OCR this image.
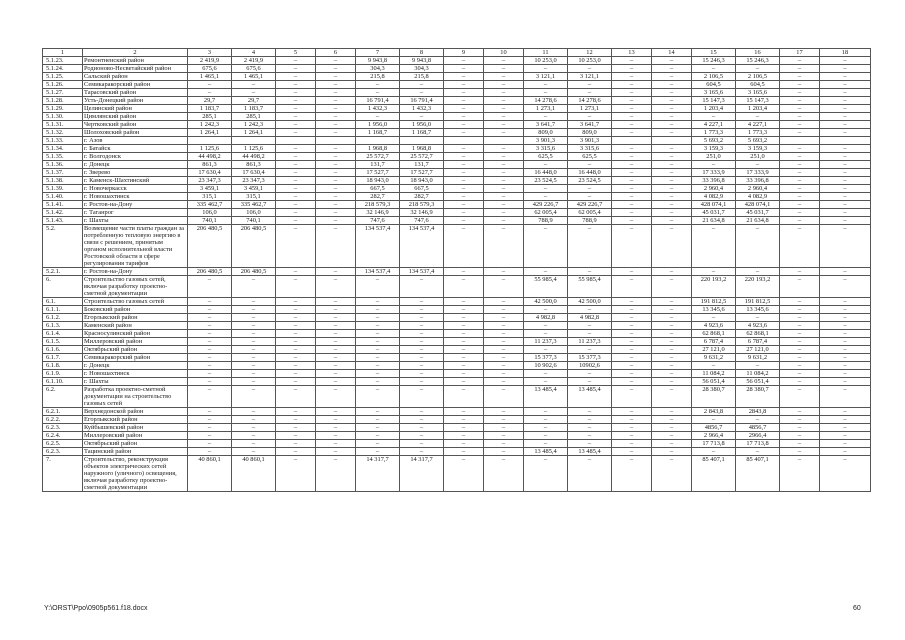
1	2	3	4	5	6	7	8	9	10	11	12	13	14	15	16	17	18
5.1.23.	Ремонтненский район	2 419,9	2 419,9	–	–	9 943,8	9 943,8	–	–	10 253,0	10 253,0	–	–	15 246,3	15 246,3	–	–
5.1.24.	Родионово-Несветайский район	675,6	675,6	–	–	304,3	304,3	–	–	–	–	–	–	–	–	–	–
5.1.25.	Сальский район	1 465,1	1 465,1	–	–	215,8	215,8	–	–	3 121,1	3 121,1	–	–	2 106,5	2 106,5	–	–
5.1.26.	Семикаракорский район	–	–	–	–	–	–	–	–	–	–	–	–	604,5	604,5	–	–
5.1.27.	Тарасовский район	–	–	–	–	–	–	–	–	–	–	–	–	3 165,6	3 165,6	–	–
5.1.28.	Усть-Донецкий район	29,7	29,7	–	–	16 791,4	16 791,4	–	–	14 278,6	14 278,6	–	–	15 147,3	15 147,3	–	–
5.1.29.	Целинский район	1 183,7	1 183,7	–	–	1 432,3	1 432,3	–	–	1 273,1	1 273,1	–	–	1 203,4	1 203,4	–	–
5.1.30.	Цимлянский район	285,1	285,1	–	–	–	–	–	–	–	–	–	–	–	–	–	–
5.1.31.	Чертковский район	1 242,3	1 242,3	–	–	1 956,0	1 956,0	–	–	3 641,7	3 641,7	–	–	4 227,1	4 227,1	–	–
5.1.32.	Шолоховский район	1 264,1	1 264,1	–	–	1 168,7	1 168,7	–	–	809,0	809,0	–	–	1 773,3	1 773,3	–	–
5.1.33.	г. Азов									3 901,3	3 901,3			5 693,2	5 693,2		
5.1.34.	г. Батайск	1 125,6	1 125,6	–	–	1 968,8	1 968,8	–	–	3 315,6	3 315,6	–	–	3 159,3	3 159,3	–	–
5.1.35.	г. Волгодонск	44 498,2	44 498,2	–	–	25 572,7	25 572,7	–	–	625,5	625,5	–	–	251,0	251,0	–	–
5.1.36.	г. Донецк	861,3	861,3	–	–	131,7	131,7	–	–	–	–	–	–	–	–	–	–
5.1.37.	г. Зверево	17 630,4	17 630,4	–	–	17 527,7	17 527,7	–	–	16 448,0	16 448,0	–	–	17 333,9	17 333,9	–	–
5.1.38.	г. Каменск-Шахтинский	23 347,3	23 347,3	–	–	18 943,0	18 943,0	–	–	23 524,5	23 524,5	–	–	33 396,8	33 396,8	–	–
5.1.39.	г. Новочеркасск	3 459,1	3 459,1	–	–	667,5	667,5	–	–	–	–	–	–	2 960,4	2 960,4	–	–
5.1.40.	г. Новошахтинск	315,1	315,1	–	–	282,7	282,7	–	–	–	–	–	–	4 082,9	4 082,9	–	–
5.1.41.	г. Ростов-на-Дону	335 462,7	335 462,7	–	–	218 579,3	218 579,3	–	–	429 226,7	429 226,7	–	–	428 074,1	428 074,1	–	–
5.1.42.	г. Таганрог	106,0	106,0	–	–	32 146,9	32 146,9	–	–	62 005,4	62 005,4	–	–	45 031,7	45 031,7	–	–
5.1.43.	г. Шахты	740,1	740,1	–	–	747,6	747,6	–	–	788,9	788,9	–	–	21 634,8	21 634,8	–	–
5.2.	Возмещение части платы граждан за потребленную тепловую энергию в связи с решением, принятым органом исполнительной власти Ростовской области в сфере регулирования тарифов	206 480,5	206 480,5	–	–	134 537,4	134 537,4	–	–	–	–	–	–	–	–	–	–
5.2.1.	г. Ростов-на-Дону	206 480,5	206 480,5	–	–	134 537,4	134 537,4	–	–	–	–	–	–	–	–	–	–
6.	Строительство газовых сетей, включая разработку проектно-сметной документации	–	–	–	–	–	–	–	–	55 985,4	55 985,4	–	–	220 193,2	220 193,2	–	–
6.1.	Строительство газовых сетей	–	–	–	–	–	–	–	–	42 500,0	42 500,0	–	–	191 812,5	191 812,5	–	–
6.1.1.	Боковский район	–	–	–	–	–	–	–	–	–	–	–	–	13 345,6	13 345,6	–	–
6.1.2.	Егорлыкский район	–	–	–	–	–	–	–	–	4 982,8	4 982,8	–	–	–	–	–	–
6.1.3.	Каменский район	–	–	–	–	–	–	–	–	–	–	–	–	4 923,6	4 923,6	–	–
6.1.4.	Красносулинский район	–	–	–	–	–	–	–	–	–	–	–	–	62 868,1	62 868,1	–	–
6.1.5.	Миллеровский район	–	–	–	–	–	–	–	–	11 237,3	11 237,3	–	–	6 787,4	6 787,4	–	–
6.1.6.	Октябрьский район	–	–	–	–	–	–	–	–	–	–	–	–	27 121,0	27 121,0	–	–
6.1.7.	Семикаракорский район	–	–	–	–	–	–	–	–	15 377,3	15 377,3	–	–	9 631,2	9 631,2	–	–
6.1.8.	г. Донецк	–	–	–	–	–	–	–	–	10 902,6	10902,6	–	–	–	–	–	–
6.1.9.	г. Новошахтинск	–	–	–	–	–	–	–	–	–	–	–	–	11 084,2	11 084,2	–	–
6.1.10.	г. Шахты	–	–	–	–	–	–	–	–	–	–	–	–	56 051,4	56 051,4	–	–
6.2.	Разработка проектно-сметной документации на строительство газовых сетей	–	–	–	–	–	–	–	–	13 485,4	13 485,4	–	–	28 380,7	28 380,7	–	–
6.2.1.	Верхнедонской район	–	–	–	–	–	–	–	–	–	–	–	–	2 843,8	2843,8	–	–
6.2.2.	Егорлыкский район	–	–	–	–	–	–	–	–	–	–	–	–	–	–	–	–
6.2.3.	Куйбышевский район	–	–	–	–	–	–	–	–	–	–	–	–	4856,7	4856,7	–	–
6.2.4.	Миллеровский район	–	–	–	–	–	–	–	–	–	–	–	–	2 966,4	2966,4	–	–
6.2.5.	Октябрьский район	–	–	–	–	–	–	–	–	–	–	–	–	17 713,8	17 713,8	–	–
6.2.3.	Тацинский район	–	–	–	–	–	–	–	–	13 485,4	13 485,4	–	–	–	–	–	–
7.	Строительство, реконструкция объектов электрических сетей наружного (уличного) освещения, включая разработку проектно-сметной документации	40 860,1	40 860,1	–	–	14 317,7	14 317,7	–	–	–	–	–	–	85 407,1	85 407,1	–	–
Y:\ORST\Ppo\0905p561.f18.docx	60
